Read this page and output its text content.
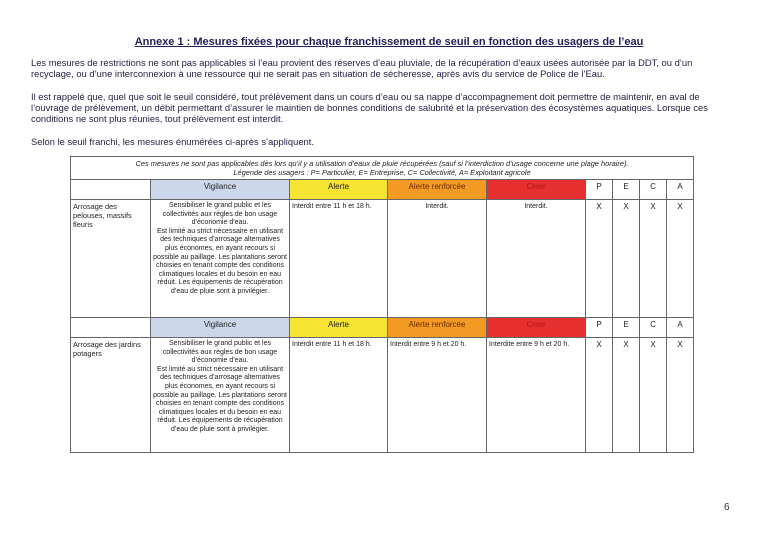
Annexe 1 : Mesures fixées pour chaque franchissement de seuil en fonction des usagers de l’eau
Les mesures de restrictions ne sont pas applicables si l’eau provient des réserves d’eau pluviale, de la récupération d’eaux usées autorisée par la DDT, ou d’un recyclage, ou d’une interconnexion à une ressource qui ne serait pas en situation de sécheresse, après avis du service de Police de l’Eau.
Il est rappelé que, quel que soit le seuil considéré, tout prélèvement dans un cours d’eau ou sa nappe d’accompagnement doit permettre de maintenir, en aval de l’ouvrage de prélèvement, un débit permettant d’assurer le maintien de bonnes conditions de salubrité et la préservation des écosystèmes aquatiques. Lorsque ces conditions ne sont plus réunies, tout prélèvement est interdit.
Selon le seuil franchi, les mesures énumérées ci-après s’appliquent.
Ces mesures ne sont pas applicables dès lors qu’il y a utilisation d’eaux de pluie récupérées (sauf si l’interdiction d’usage concerne une plage horaire).
Légende des usagers : P= Particulier, E= Entreprise, C= Collectivité, A= Exploitant agricole								

	Vigilance	Alerte	Alerte renforcée	Crise	P	E	C	A
Arrosage des pelouses, massifs fleuris	Sensibiliser le grand public et les collectivités aux règles de bon usage d’économie d’eau.
Est limité au strict nécessaire en utilisant des techniques d’arrosage alternatives plus économes, en ayant recours si possible au paillage. Les plantations seront choisies en tenant compte des conditions climatiques locales et du besoin en eau réduit. Les équipements de récupération d’eau de pluie sont à privilégier.	Interdit entre 11 h et 18 h.	Interdit.	Interdit.	X	X	X	X
	Vigilance	Alerte	Alerte renforcée	Crise	P	E	C	A
Arrosage des jardins potagers	Sensibiliser le grand public et les collectivités aux règles de bon usage d’économie d’eau.
Est limité au strict nécessaire en utilisant des techniques d’arrosage alternatives plus économes, en ayant recours si possible au paillage. Les plantations seront choisies en tenant compte des conditions climatiques locales et du besoin en eau réduit. Les équipements de récupération d’eau de pluie sont à privilégier.	Interdit entre 11 h et 18 h.	Interdit entre 9 h et 20 h.	Interdite entre 9 h et 20 h.	X	X	X	X
6
